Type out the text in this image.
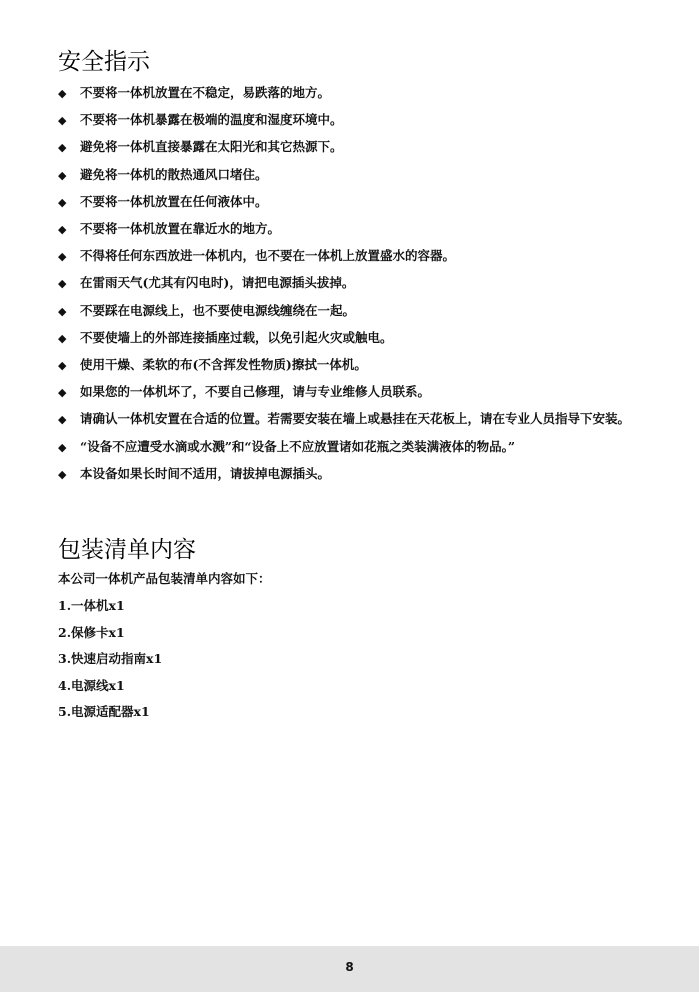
安全指示
◆ 不要将一体机放置在不稳定，易跌落的地方。
◆ 不要将一体机暴露在极端的温度和湿度环境中。
◆ 避免将一体机直接暴露在太阳光和其它热源下。
◆ 避免将一体机的散热通风口堵住。
◆ 不要将一体机放置在任何液体中。
◆ 不要将一体机放置在靠近水的地方。
◆ 不得将任何东西放进一体机内，也不要在一体机上放置盛水的容器。
◆ 在雷雨天气(尤其有闪电时)，请把电源插头拔掉。
◆ 不要踩在电源线上，也不要使电源线缠绕在一起。
◆ 不要使墙上的外部连接插座过载，以免引起火灾或触电。
◆ 使用干燥、柔软的布(不含挥发性物质)擦拭一体机。
◆ 如果您的一体机坏了，不要自己修理，请与专业维修人员联系。
◆ 请确认一体机安置在合适的位置。若需要安装在墙上或悬挂在天花板上，请在专业人员指导下安装。
◆ “设备不应遭受水滴或水溅”和“设备上不应放置诸如花瓶之类装满液体的物品。”
◆ 本设备如果长时间不适用，请拔掉电源插头。
包装清单内容

本公司一体机产品包装清单内容如下：

1.一体机x1
2.保修卡x1
3.快速启动指南x1
4.电源线x1
5.电源适配器x1
8
